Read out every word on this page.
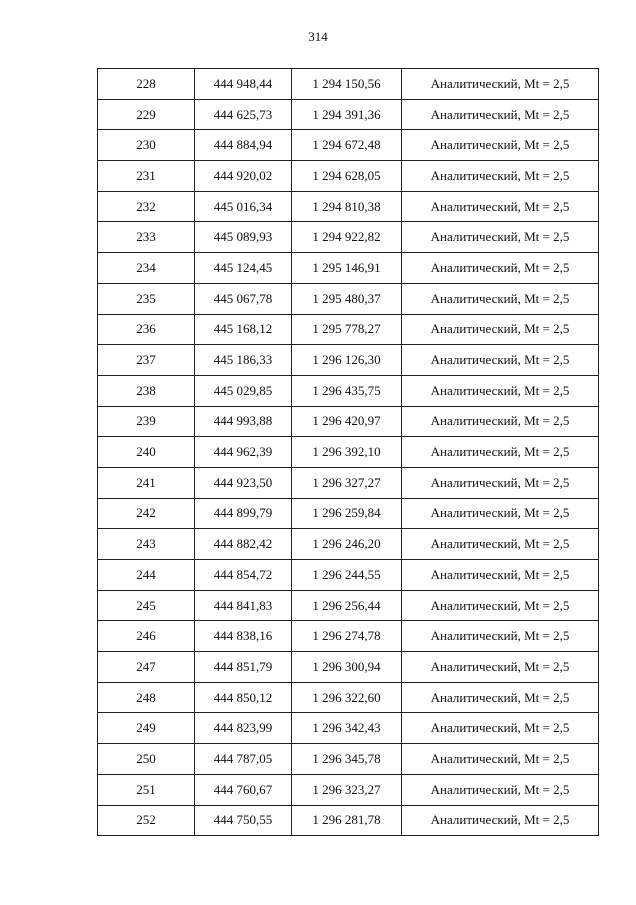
314
228	444 948,44	1 294 150,56	Аналитический, Mt = 2,5
229	444 625,73	1 294 391,36	Аналитический, Mt = 2,5
230	444 884,94	1 294 672,48	Аналитический, Mt = 2,5
231	444 920,02	1 294 628,05	Аналитический, Mt = 2,5
232	445 016,34	1 294 810,38	Аналитический, Mt = 2,5
233	445 089,93	1 294 922,82	Аналитический, Mt = 2,5
234	445 124,45	1 295 146,91	Аналитический, Mt = 2,5
235	445 067,78	1 295 480,37	Аналитический, Mt = 2,5
236	445 168,12	1 295 778,27	Аналитический, Mt = 2,5
237	445 186,33	1 296 126,30	Аналитический, Mt = 2,5
238	445 029,85	1 296 435,75	Аналитический, Mt = 2,5
239	444 993,88	1 296 420,97	Аналитический, Mt = 2,5
240	444 962,39	1 296 392,10	Аналитический, Mt = 2,5
241	444 923,50	1 296 327,27	Аналитический, Mt = 2,5
242	444 899,79	1 296 259,84	Аналитический, Mt = 2,5
243	444 882,42	1 296 246,20	Аналитический, Mt = 2,5
244	444 854,72	1 296 244,55	Аналитический, Mt = 2,5
245	444 841,83	1 296 256,44	Аналитический, Mt = 2,5
246	444 838,16	1 296 274,78	Аналитический, Mt = 2,5
247	444 851,79	1 296 300,94	Аналитический, Mt = 2,5
248	444 850,12	1 296 322,60	Аналитический, Mt = 2,5
249	444 823,99	1 296 342,43	Аналитический, Mt = 2,5
250	444 787,05	1 296 345,78	Аналитический, Mt = 2,5
251	444 760,67	1 296 323,27	Аналитический, Mt = 2,5
252	444 750,55	1 296 281,78	Аналитический, Mt = 2,5
